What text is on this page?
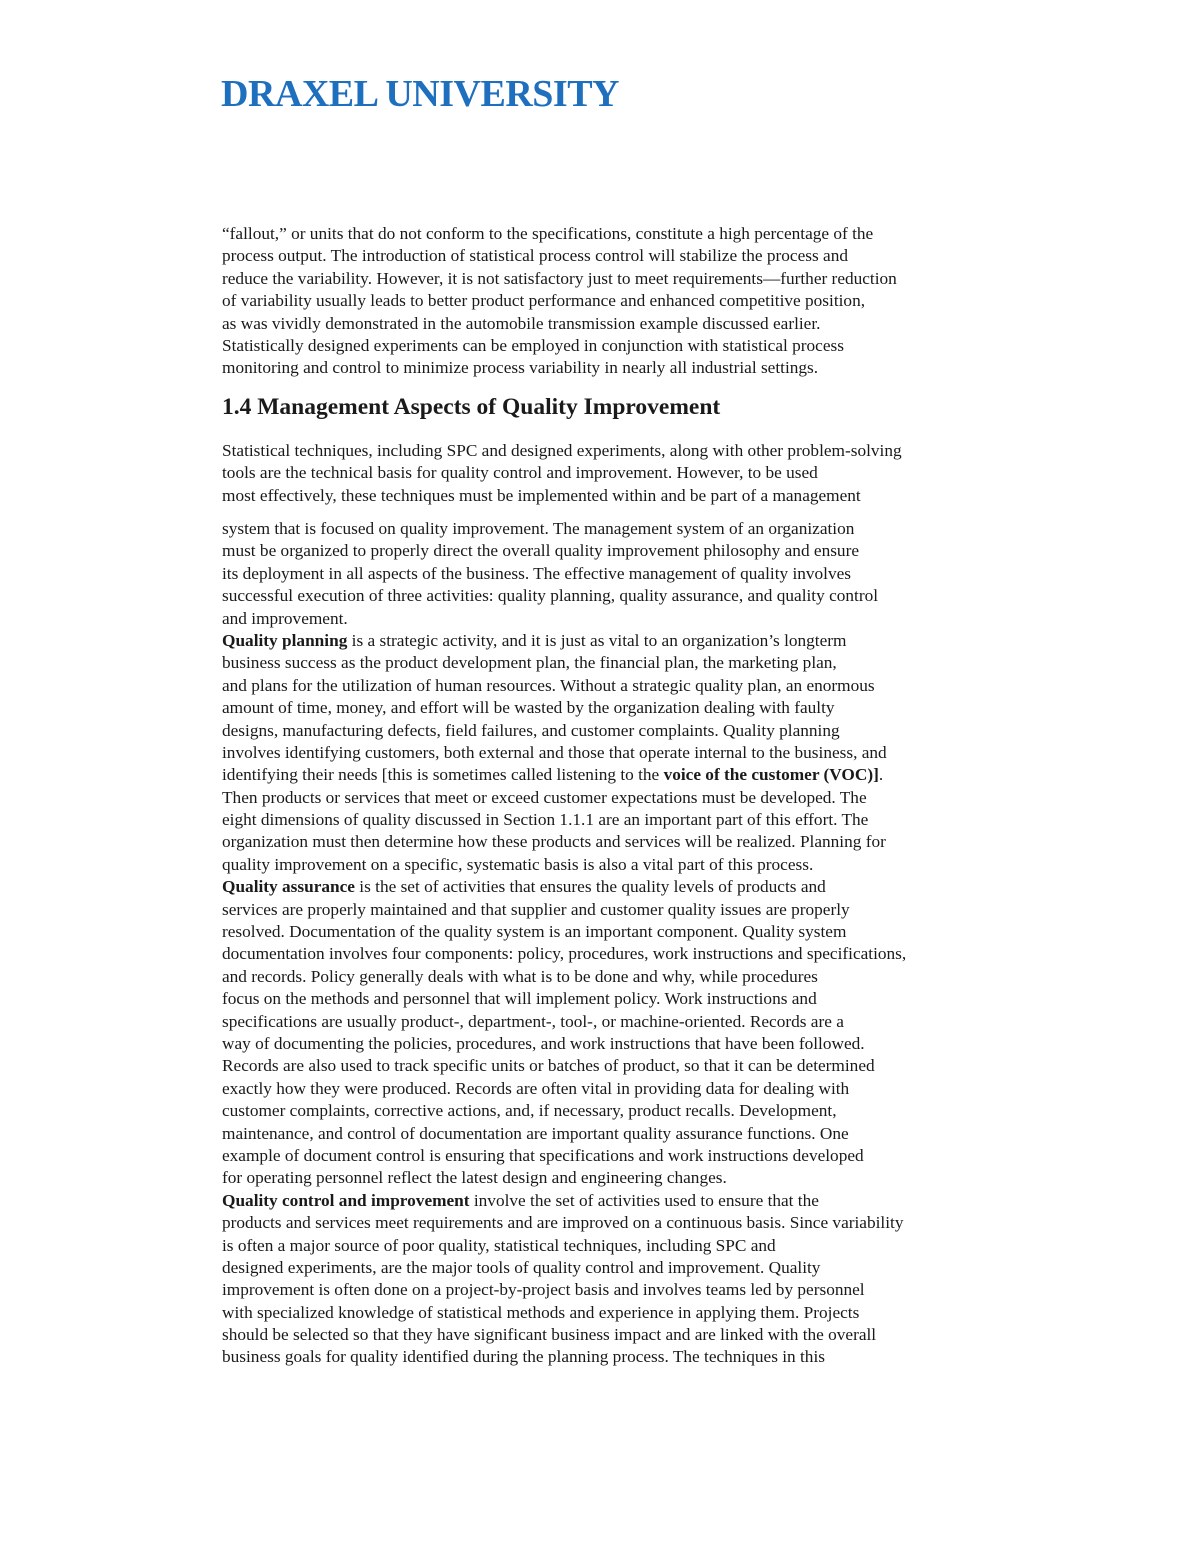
DRAXEL UNIVERSITY
“fallout,” or units that do not conform to the specifications, constitute a high percentage of the
process output. The introduction of statistical process control will stabilize the process and
reduce the variability. However, it is not satisfactory just to meet requirements—further reduction
of variability usually leads to better product performance and enhanced competitive position,
as was vividly demonstrated in the automobile transmission example discussed earlier.
Statistically designed experiments can be employed in conjunction with statistical process
monitoring and control to minimize process variability in nearly all industrial settings.
1.4 Management Aspects of Quality Improvement
Statistical techniques, including SPC and designed experiments, along with other problem-solving
tools are the technical basis for quality control and improvement. However, to be used
most effectively, these techniques must be implemented within and be part of a management
system that is focused on quality improvement. The management system of an organization
must be organized to properly direct the overall quality improvement philosophy and ensure
its deployment in all aspects of the business. The effective management of quality involves
successful execution of three activities: quality planning, quality assurance, and quality control
and improvement.
Quality planning is a strategic activity, and it is just as vital to an organization’s longterm
business success as the product development plan, the financial plan, the marketing plan,
and plans for the utilization of human resources. Without a strategic quality plan, an enormous
amount of time, money, and effort will be wasted by the organization dealing with faulty
designs, manufacturing defects, field failures, and customer complaints. Quality planning
involves identifying customers, both external and those that operate internal to the business, and
identifying their needs [this is sometimes called listening to the voice of the customer (VOC)].
Then products or services that meet or exceed customer expectations must be developed. The
eight dimensions of quality discussed in Section 1.1.1 are an important part of this effort. The
organization must then determine how these products and services will be realized. Planning for
quality improvement on a specific, systematic basis is also a vital part of this process.
Quality assurance is the set of activities that ensures the quality levels of products and
services are properly maintained and that supplier and customer quality issues are properly
resolved. Documentation of the quality system is an important component. Quality system
documentation involves four components: policy, procedures, work instructions and specifications,
and records. Policy generally deals with what is to be done and why, while procedures
focus on the methods and personnel that will implement policy. Work instructions and
specifications are usually product-, department-, tool-, or machine-oriented. Records are a
way of documenting the policies, procedures, and work instructions that have been followed.
Records are also used to track specific units or batches of product, so that it can be determined
exactly how they were produced. Records are often vital in providing data for dealing with
customer complaints, corrective actions, and, if necessary, product recalls. Development,
maintenance, and control of documentation are important quality assurance functions. One
example of document control is ensuring that specifications and work instructions developed
for operating personnel reflect the latest design and engineering changes.
Quality control and improvement involve the set of activities used to ensure that the
products and services meet requirements and are improved on a continuous basis. Since variability
is often a major source of poor quality, statistical techniques, including SPC and
designed experiments, are the major tools of quality control and improvement. Quality
improvement is often done on a project-by-project basis and involves teams led by personnel
with specialized knowledge of statistical methods and experience in applying them. Projects
should be selected so that they have significant business impact and are linked with the overall
business goals for quality identified during the planning process. The techniques in this
